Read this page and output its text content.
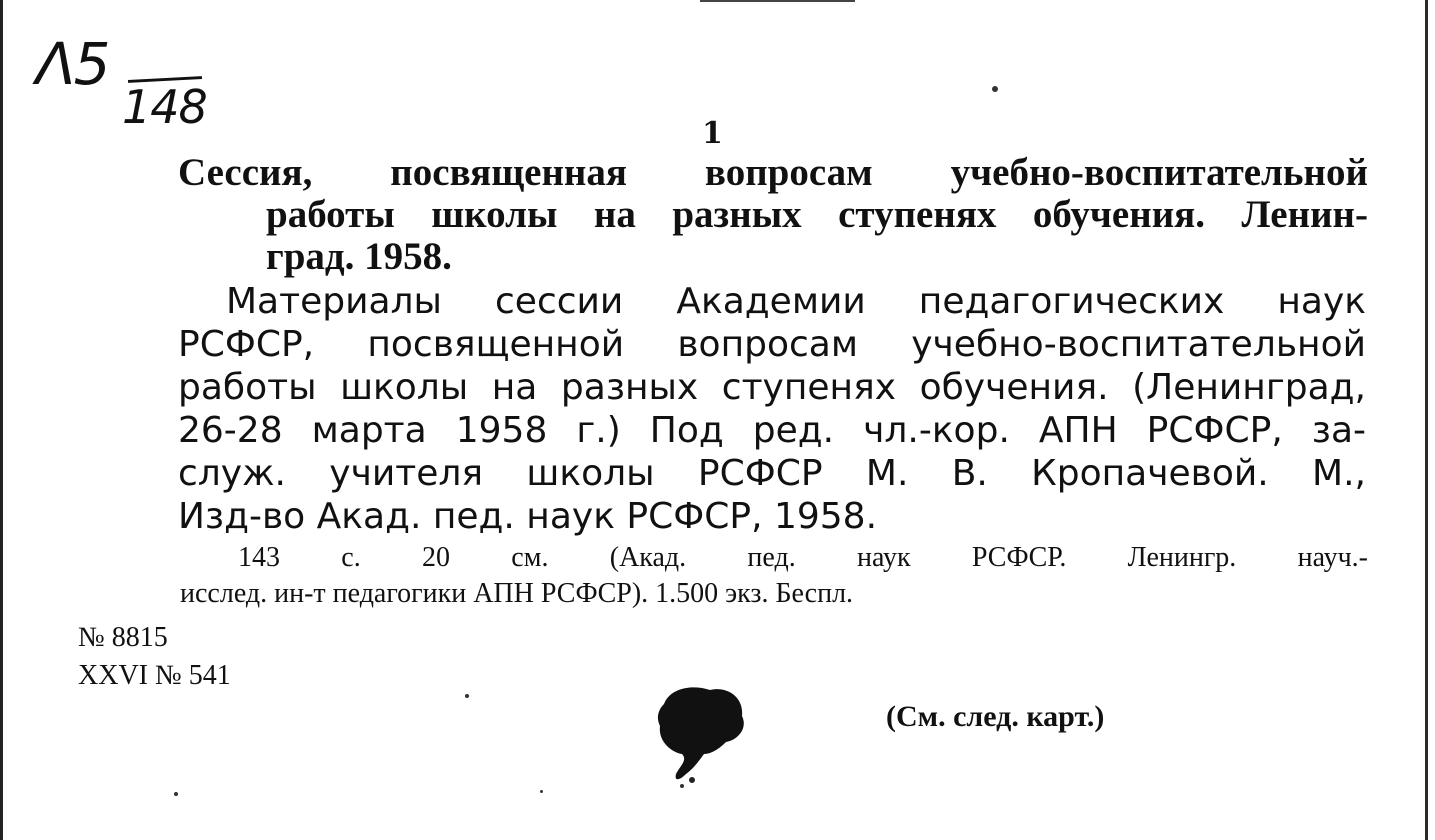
Λ5
148	1
Сессия, посвященная вопросам учебно-воспитательной
работы школы на разных ступенях обучения. Ленин-
град. 1958.
Материалы сессии Академии педагогических наук
РСФСР, посвященной вопросам учебно-воспитательной
работы школы на разных ступенях обучения. (Ленинград,
26-28 марта 1958 г.) Под ред. чл.-кор. АПН РСФСР, за-
служ. учителя школы РСФСР М. В. Кропачевой. М.,
Изд-во Акад. пед. наук РСФСР, 1958.
143 с. 20 см. (Акад. пед. наук РСФСР. Ленингр. науч.-
исслед. ин-т педагогики АПН РСФСР). 1.500 экз. Беспл.
№ 8815
XXVI № 541
(См. след. карт.)
